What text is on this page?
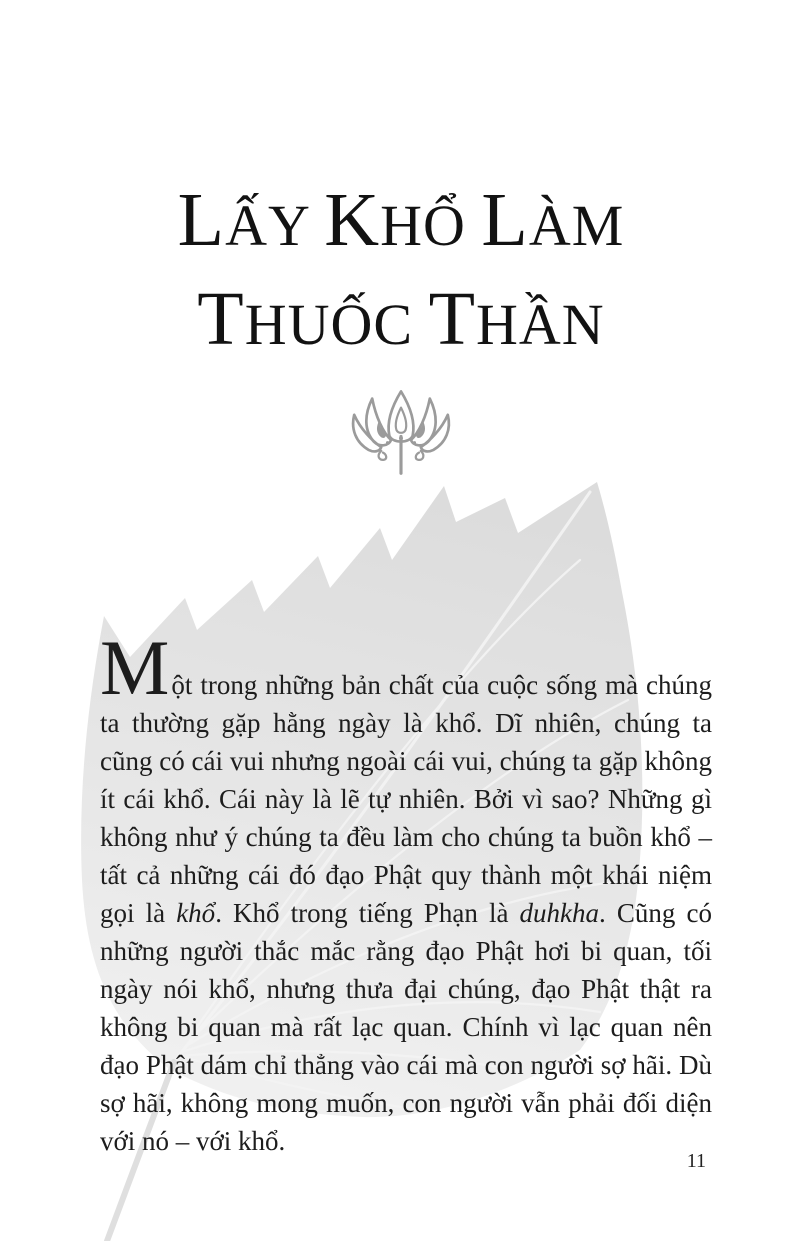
LẤY KHỔ LÀM
THUỐC THẦN

Một trong những bản chất của cuộc sống mà chúng ta thường gặp hằng ngày là khổ. Dĩ nhiên, chúng ta cũng có cái vui nhưng ngoài cái vui, chúng ta gặp không ít cái khổ. Cái này là lẽ tự nhiên. Bởi vì sao? Những gì không như ý chúng ta đều làm cho chúng ta buồn khổ – tất cả những cái đó đạo Phật quy thành một khái niệm gọi là khổ. Khổ trong tiếng Phạn là duhkha. Cũng có những người thắc mắc rằng đạo Phật hơi bi quan, tối ngày nói khổ, nhưng thưa đại chúng, đạo Phật thật ra không bi quan mà rất lạc quan. Chính vì lạc quan nên đạo Phật dám chỉ thẳng vào cái mà con người sợ hãi. Dù sợ hãi, không mong muốn, con người vẫn phải đối diện với nó – với khổ.

11
